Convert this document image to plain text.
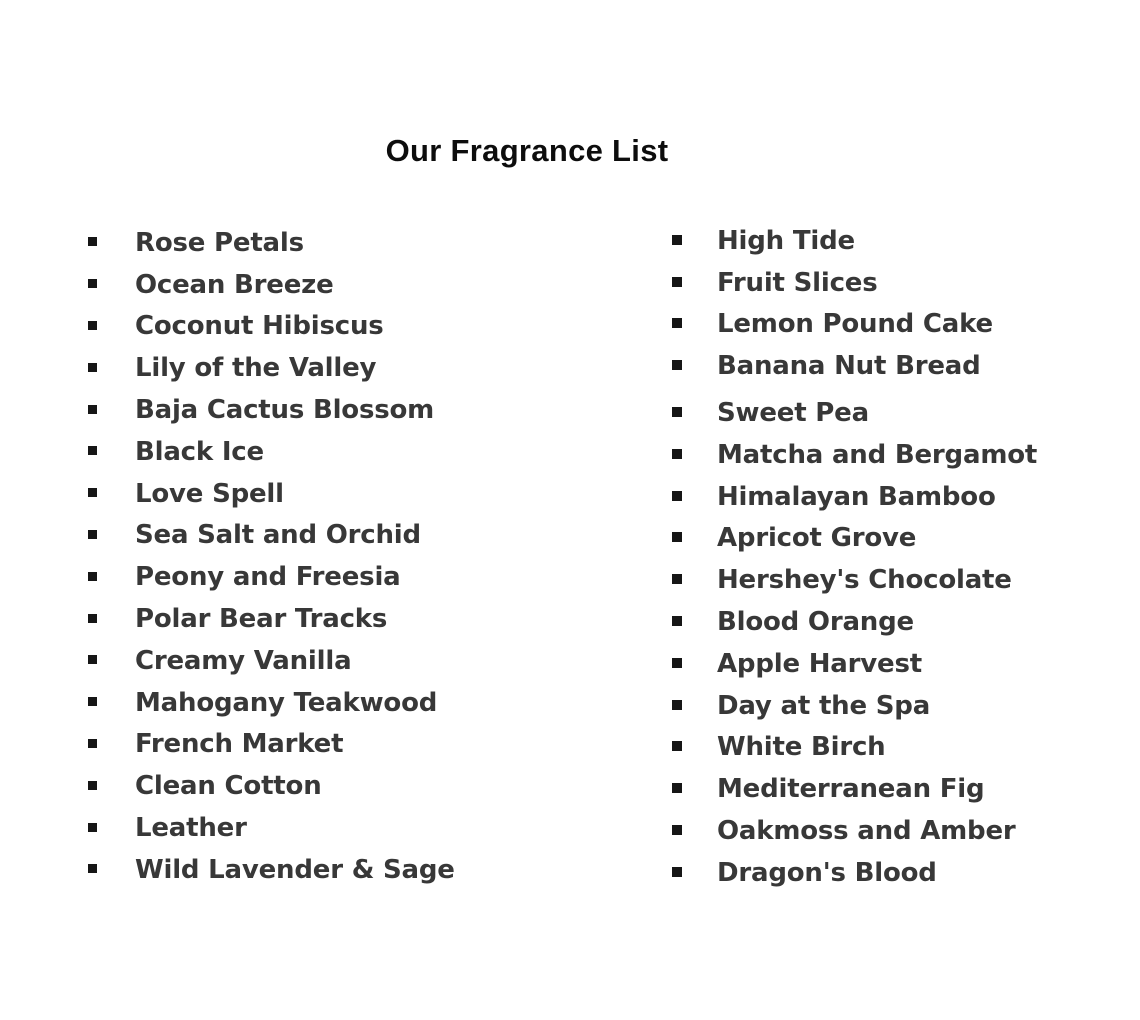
Our Fragrance List
Rose Petals
Ocean Breeze
Coconut Hibiscus
Lily of the Valley
Baja Cactus Blossom
Black Ice
Love Spell
Sea Salt and Orchid
Peony and Freesia
Polar Bear Tracks
Creamy Vanilla
Mahogany Teakwood
French Market
Clean Cotton
Leather
Wild Lavender & Sage
High Tide
Fruit Slices
Lemon Pound Cake
Banana Nut Bread
Sweet Pea
Matcha and Bergamot
Himalayan Bamboo
Apricot Grove
Hershey's Chocolate
Blood Orange
Apple Harvest
Day at the Spa
White Birch
Mediterranean Fig
Oakmoss and Amber
Dragon's Blood
